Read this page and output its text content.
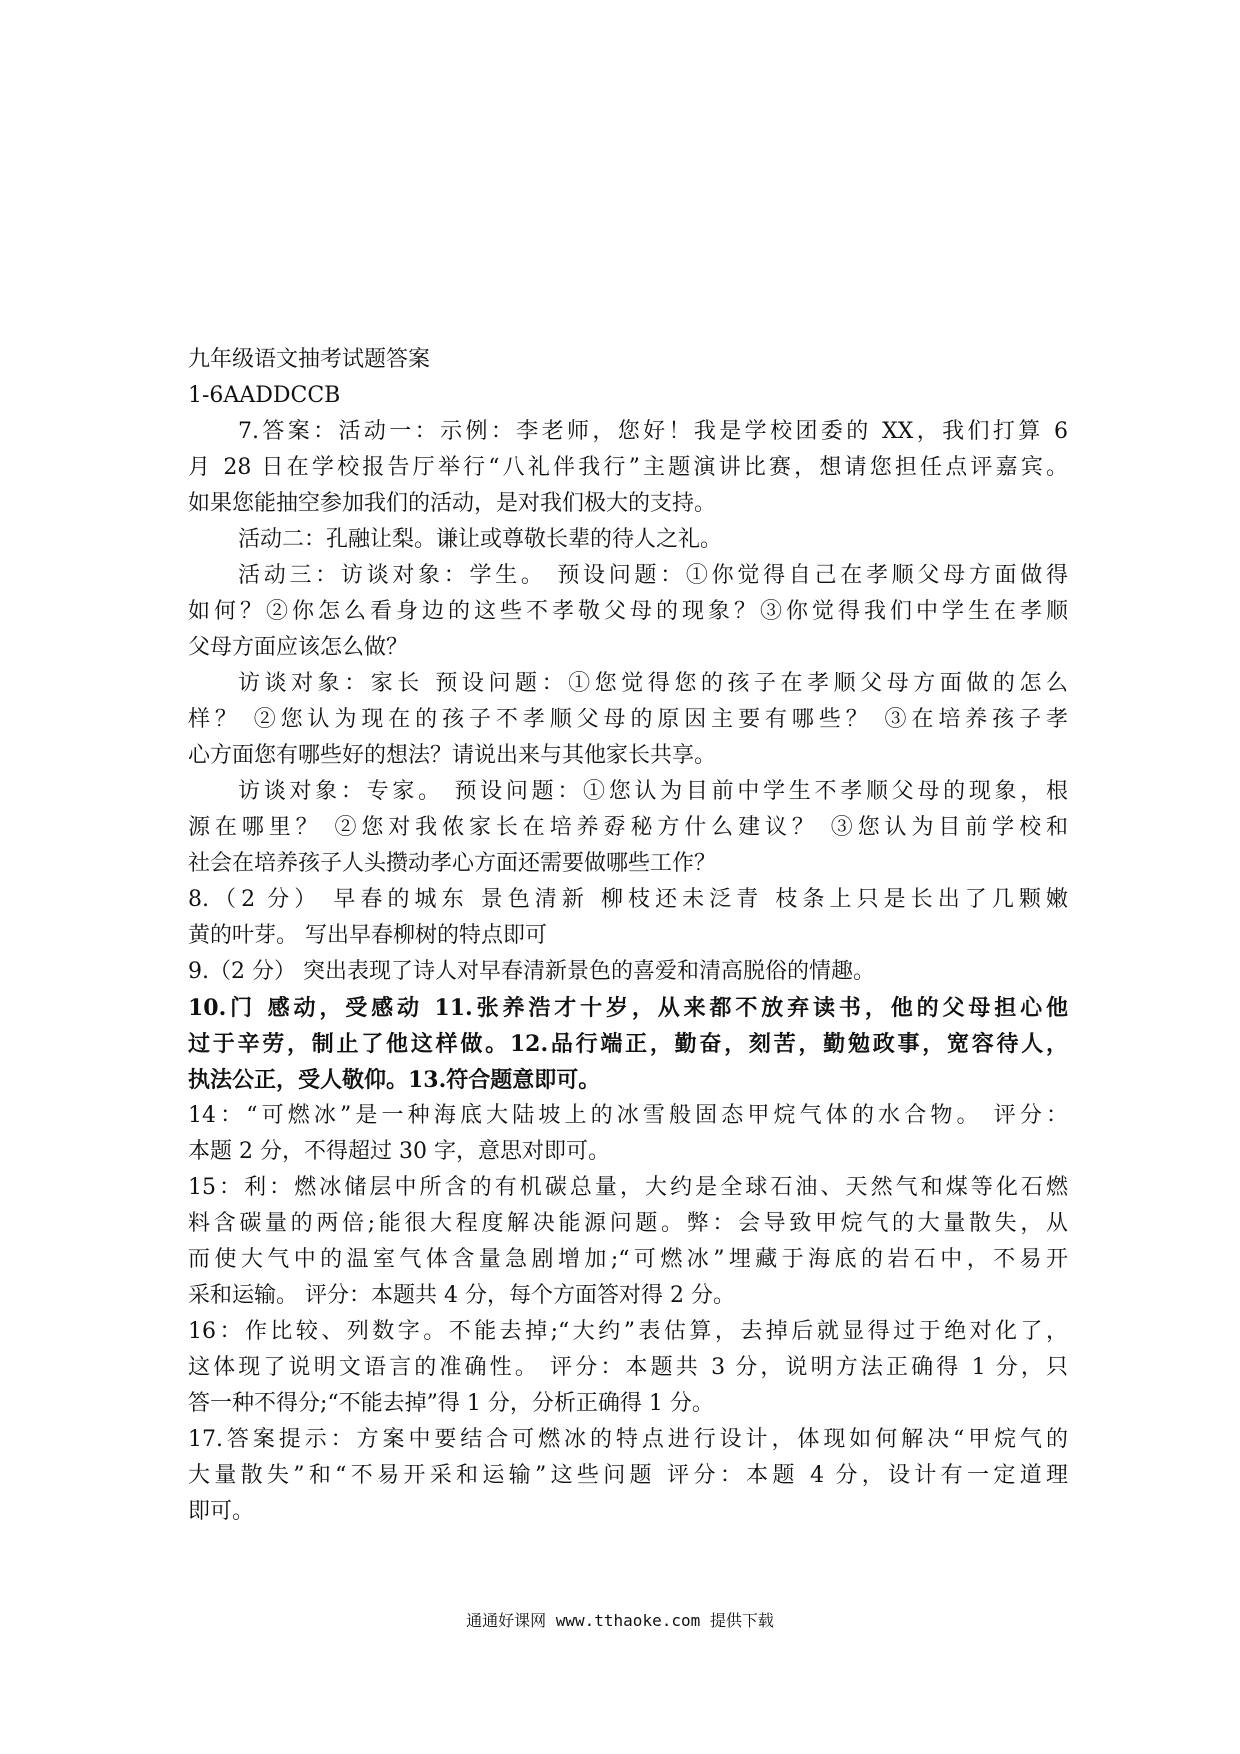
九年级语文抽考试题答案
1-6AADDCCB
7.答案：活动一：示例：李老师，您好！我是学校团委的 XX，我们打算 6
月 28 日在学校报告厅举行“八礼伴我行”主题演讲比赛，想请您担任点评嘉宾。
如果您能抽空参加我们的活动，是对我们极大的支持。
活动二：孔融让梨。谦让或尊敬长辈的待人之礼。
活动三：访谈对象：学生。 预设问题：①你觉得自己在孝顺父母方面做得
如何？②你怎么看身边的这些不孝敬父母的现象？③你觉得我们中学生在孝顺
父母方面应该怎么做？
访谈对象：家长 预设问题：①您觉得您的孩子在孝顺父母方面做的怎么
样？ ②您认为现在的孩子不孝顺父母的原因主要有哪些？ ③在培养孩子孝
心方面您有哪些好的想法？请说出来与其他家长共享。
访谈对象：专家。 预设问题：①您认为目前中学生不孝顺父母的现象，根
源在哪里？ ②您对我侬家长在培养孬秘方什么建议？ ③您认为目前学校和
社会在培养孩子人头攒动孝心方面还需要做哪些工作？
8.（2 分） 早春的城东 景色清新 柳枝还未泛青 枝条上只是长出了几颗嫩
黄的叶芽。 写出早春柳树的特点即可
9.（2 分） 突出表现了诗人对早春清新景色的喜爱和清高脱俗的情趣。
10.门 感动，受感动 11.张养浩才十岁，从来都不放弃读书，他的父母担心他
过于辛劳，制止了他这样做。12.品行端正，勤奋，刻苦，勤勉政事，宽容待人，
执法公正，受人敬仰。13.符合题意即可。
14：“可燃冰”是一种海底大陆坡上的冰雪般固态甲烷气体的水合物。 评分：
本题 2 分，不得超过 30 字，意思对即可。
15：利：燃冰储层中所含的有机碳总量，大约是全球石油、天然气和煤等化石燃
料含碳量的两倍;能很大程度解决能源问题。弊：会导致甲烷气的大量散失，从
而使大气中的温室气体含量急剧增加;“可燃冰”埋藏于海底的岩石中，不易开
采和运输。 评分：本题共 4 分，每个方面答对得 2 分。
16：作比较、列数字。不能去掉;“大约”表估算，去掉后就显得过于绝对化了，
这体现了说明文语言的准确性。 评分：本题共 3 分，说明方法正确得 1 分，只
答一种不得分;“不能去掉”得 1 分，分析正确得 1 分。
17.答案提示：方案中要结合可燃冰的特点进行设计，体现如何解决“甲烷气的
大量散失”和“不易开采和运输”这些问题 评分：本题 4 分，设计有一定道理
即可。
通通好课网 www.tthaoke.com 提供下载
